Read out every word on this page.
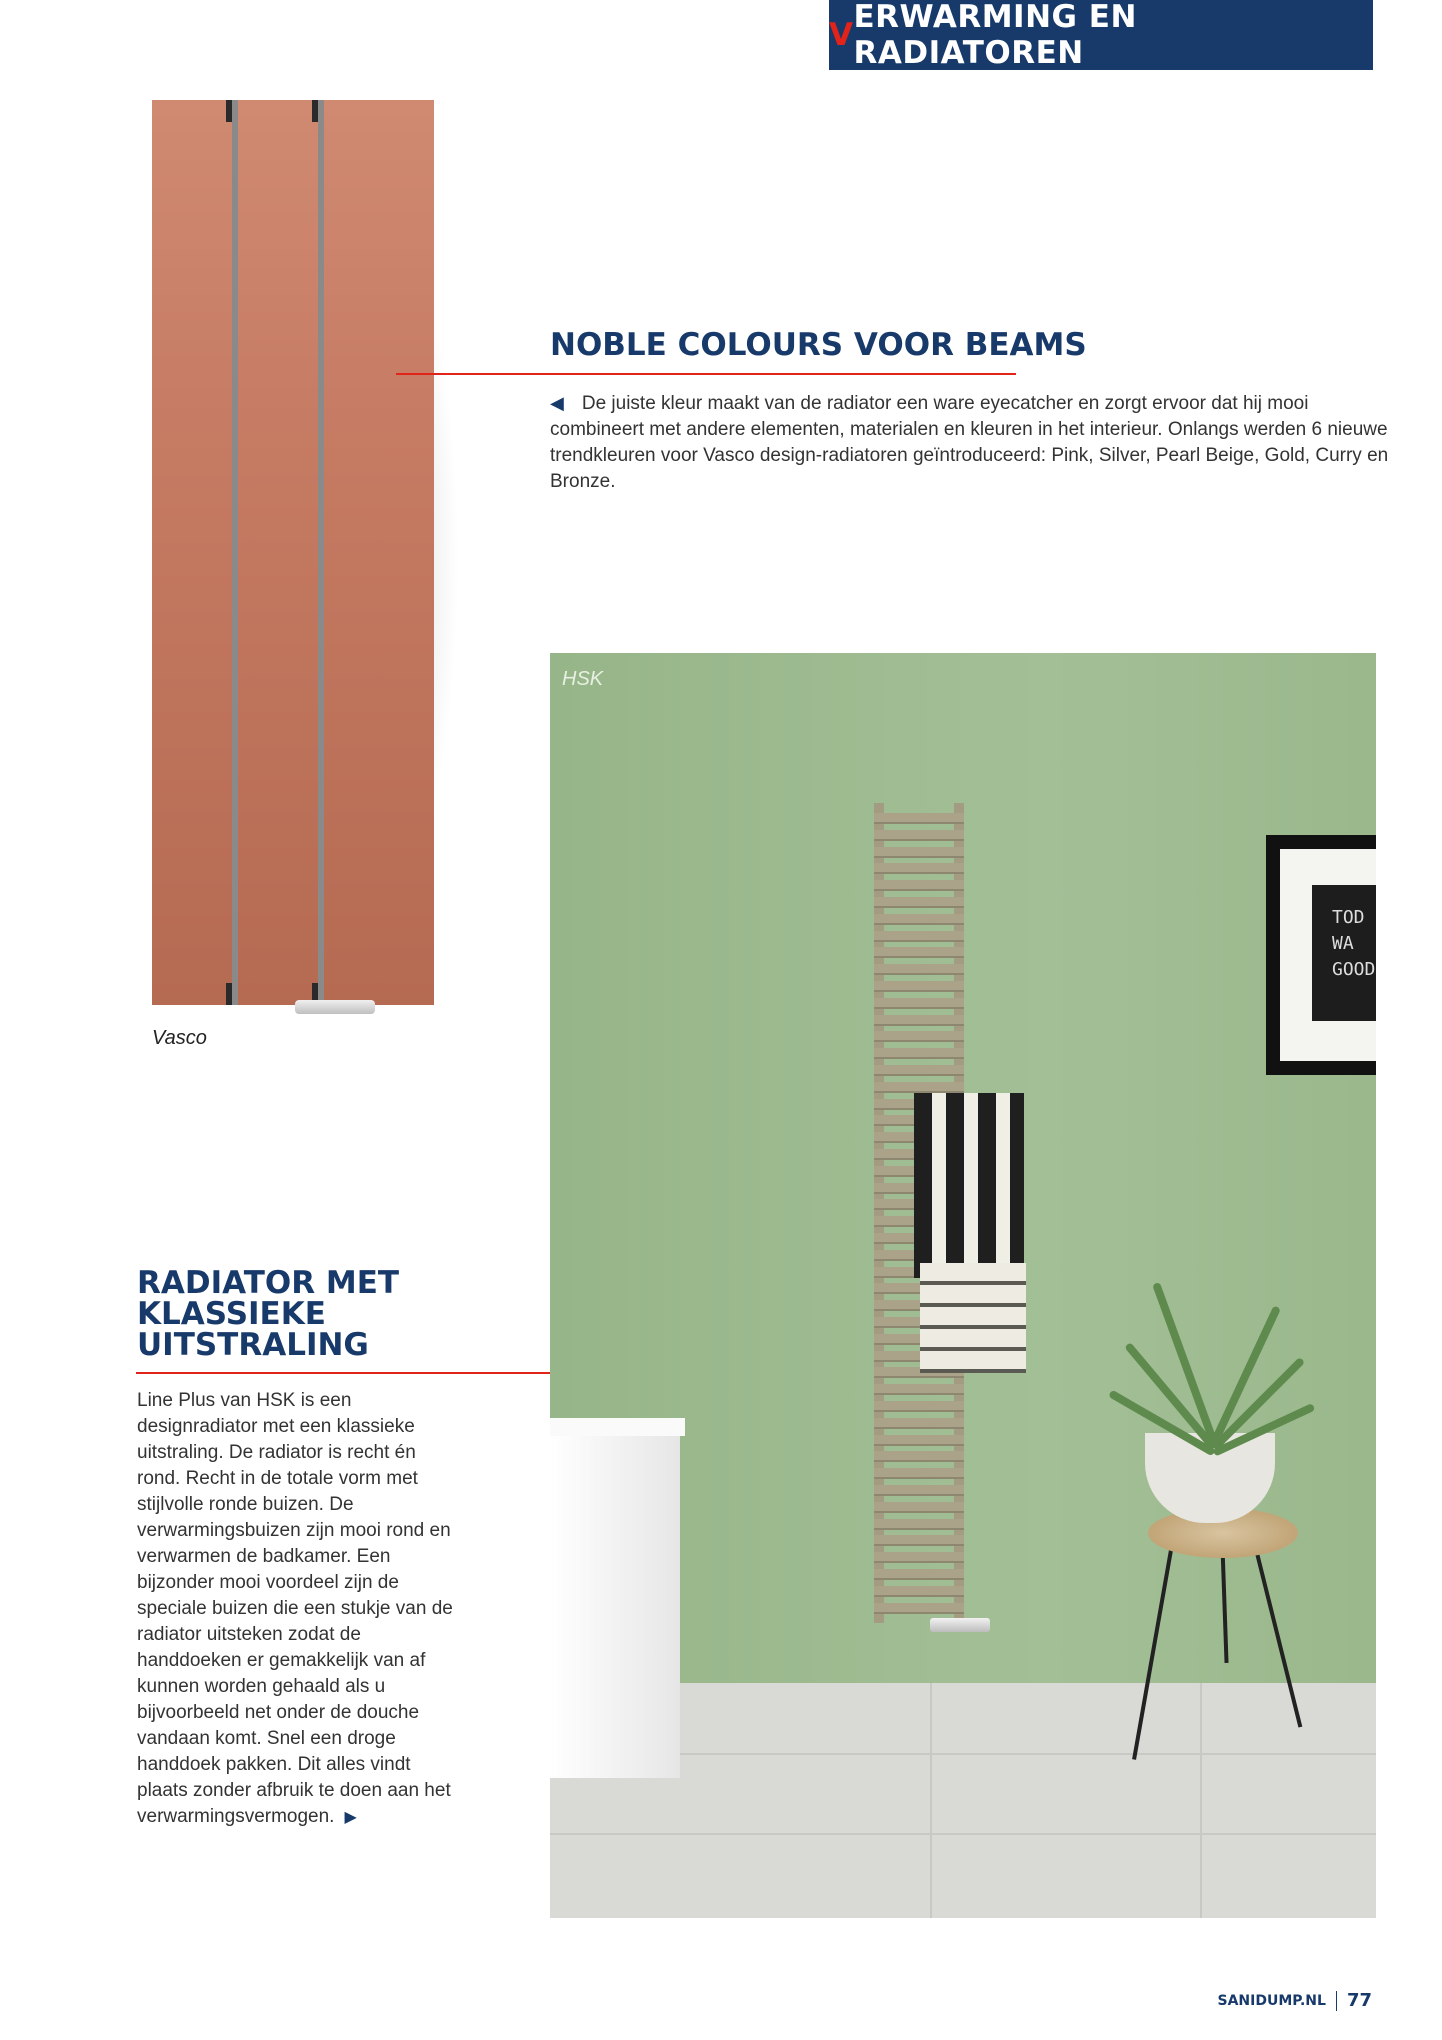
V ERWARMING EN RADIATOREN
Vasco
NOBLE COLOURS VOOR BEAMS

◀ De juiste kleur maakt van de radiator een ware eyecatcher en zorgt ervoor dat hij mooi combineert met andere elementen, materialen en kleuren in het interieur. Onlangs werden 6 nieuwe trendkleuren voor Vasco design-radiatoren geïntroduceerd: Pink, Silver, Pearl Beige, Gold, Curry en Bronze.

TOD
WA
GOOD
HSK
RADIATOR MET
KLASSIEKE
UITSTRALING

Line Plus van HSK is een designradiator met een klassieke uitstraling. De radiator is recht én rond. Recht in de totale vorm met stijlvolle ronde buizen. De verwarmingsbuizen zijn mooi rond en verwarmen de badkamer. Een bijzonder mooi voordeel zijn de speciale buizen die een stukje van de radiator uitsteken zodat de handdoeken er gemakkelijk van af kunnen worden gehaald als u bijvoorbeeld net onder de douche vandaan komt. Snel een droge handdoek pakken. Dit alles vindt plaats zonder afbruik te doen aan het verwarmingsvermogen. ▶

SANIDUMP.NL 77
